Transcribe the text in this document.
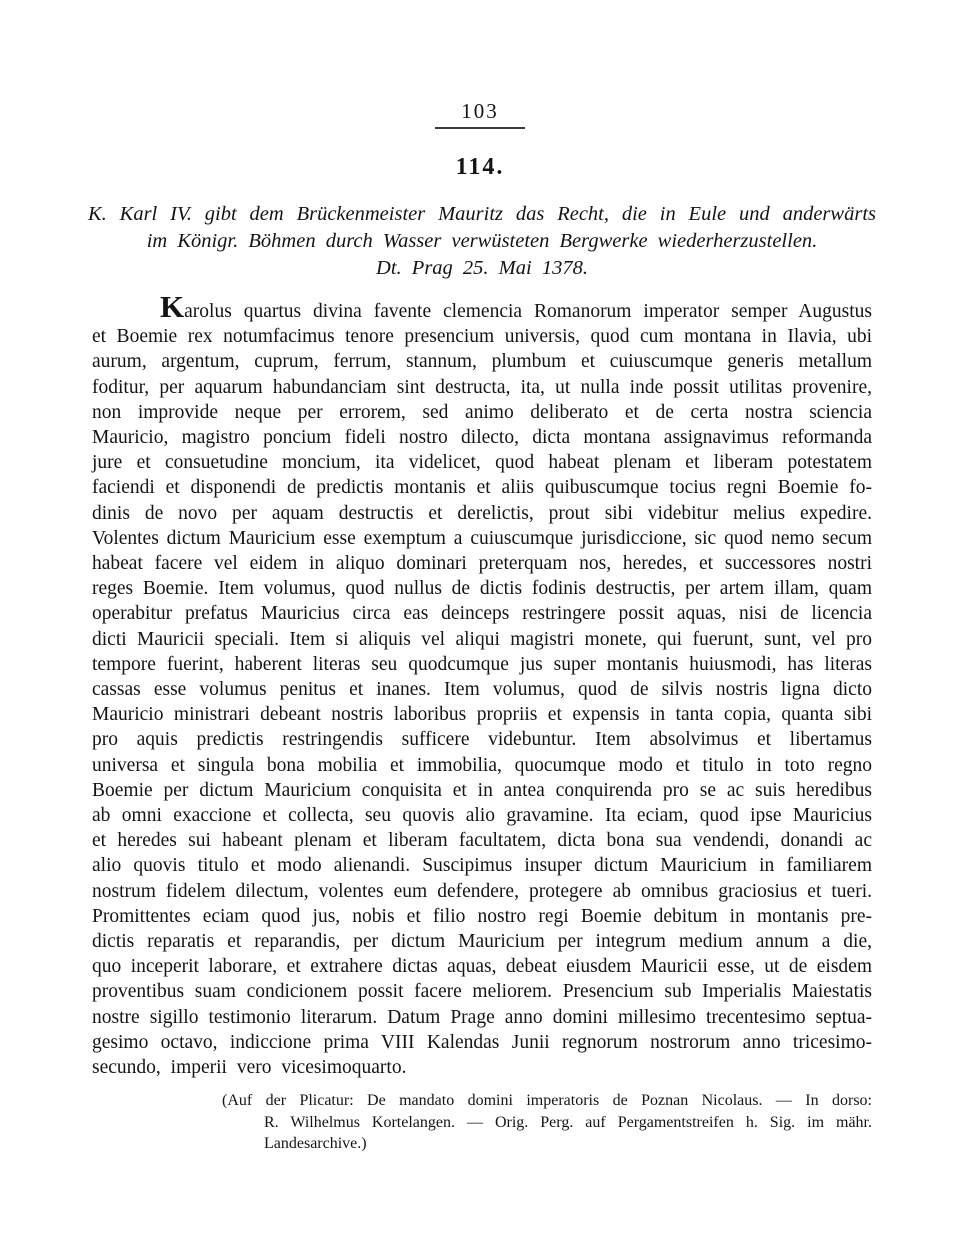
103
114.
K. Karl IV. gibt dem Brückenmeister Mauritz das Recht, die in Eule und anderwärts
im Königr. Böhmen durch Wasser verwüsteten Bergwerke wiederherzustellen.
Dt. Prag 25. Mai 1378.
Karolus quartus divina favente clemencia Romanorum imperator semper Augustus
et Boemie rex notumfacimus tenore presencium universis, quod cum montana in Ilavia, ubi
aurum, argentum, cuprum, ferrum, stannum, plumbum et cuiuscumque generis metallum
foditur, per aquarum habundanciam sint destructa, ita, ut nulla inde possit utilitas provenire,
non improvide neque per errorem, sed animo deliberato et de certa nostra sciencia
Mauricio, magistro poncium fideli nostro dilecto, dicta montana assignavimus reformanda
jure et consuetudine moncium, ita videlicet, quod habeat plenam et liberam potestatem
faciendi et disponendi de predictis montanis et aliis quibuscumque tocius regni Boemie fo-
dinis de novo per aquam destructis et derelictis, prout sibi videbitur melius expedire.
Volentes dictum Mauricium esse exemptum a cuiuscumque jurisdiccione, sic quod nemo secum
habeat facere vel eidem in aliquo dominari preterquam nos, heredes, et successores nostri
reges Boemie. Item volumus, quod nullus de dictis fodinis destructis, per artem illam, quam
operabitur prefatus Mauricius circa eas deinceps restringere possit aquas, nisi de licencia
dicti Mauricii speciali. Item si aliquis vel aliqui magistri monete, qui fuerunt, sunt, vel pro
tempore fuerint, haberent literas seu quodcumque jus super montanis huiusmodi, has literas
cassas esse volumus penitus et inanes. Item volumus, quod de silvis nostris ligna dicto
Mauricio ministrari debeant nostris laboribus propriis et expensis in tanta copia, quanta sibi
pro aquis predictis restringendis sufficere videbuntur. Item absolvimus et libertamus
universa et singula bona mobilia et immobilia, quocumque modo et titulo in toto regno
Boemie per dictum Mauricium conquisita et in antea conquirenda pro se ac suis heredibus
ab omni exaccione et collecta, seu quovis alio gravamine. Ita eciam, quod ipse Mauricius
et heredes sui habeant plenam et liberam facultatem, dicta bona sua vendendi, donandi ac
alio quovis titulo et modo alienandi. Suscipimus insuper dictum Mauricium in familiarem
nostrum fidelem dilectum, volentes eum defendere, protegere ab omnibus graciosius et tueri.
Promittentes eciam quod jus, nobis et filio nostro regi Boemie debitum in montanis pre-
dictis reparatis et reparandis, per dictum Mauricium per integrum medium annum a die,
quo inceperit laborare, et extrahere dictas aquas, debeat eiusdem Mauricii esse, ut de eisdem
proventibus suam condicionem possit facere meliorem. Presencium sub Imperialis Maiestatis
nostre sigillo testimonio literarum. Datum Prage anno domini millesimo trecentesimo septua-
gesimo octavo, indiccione prima VIII Kalendas Junii regnorum nostrorum anno tricesimo-
secundo, imperii vero vicesimoquarto.
(Auf der Plicatur: De mandato domini imperatoris de Poznan Nicolaus. — In dorso:
R. Wilhelmus Kortelangen. — Orig. Perg. auf Pergamentstreifen h. Sig. im mähr.
Landesarchive.)
